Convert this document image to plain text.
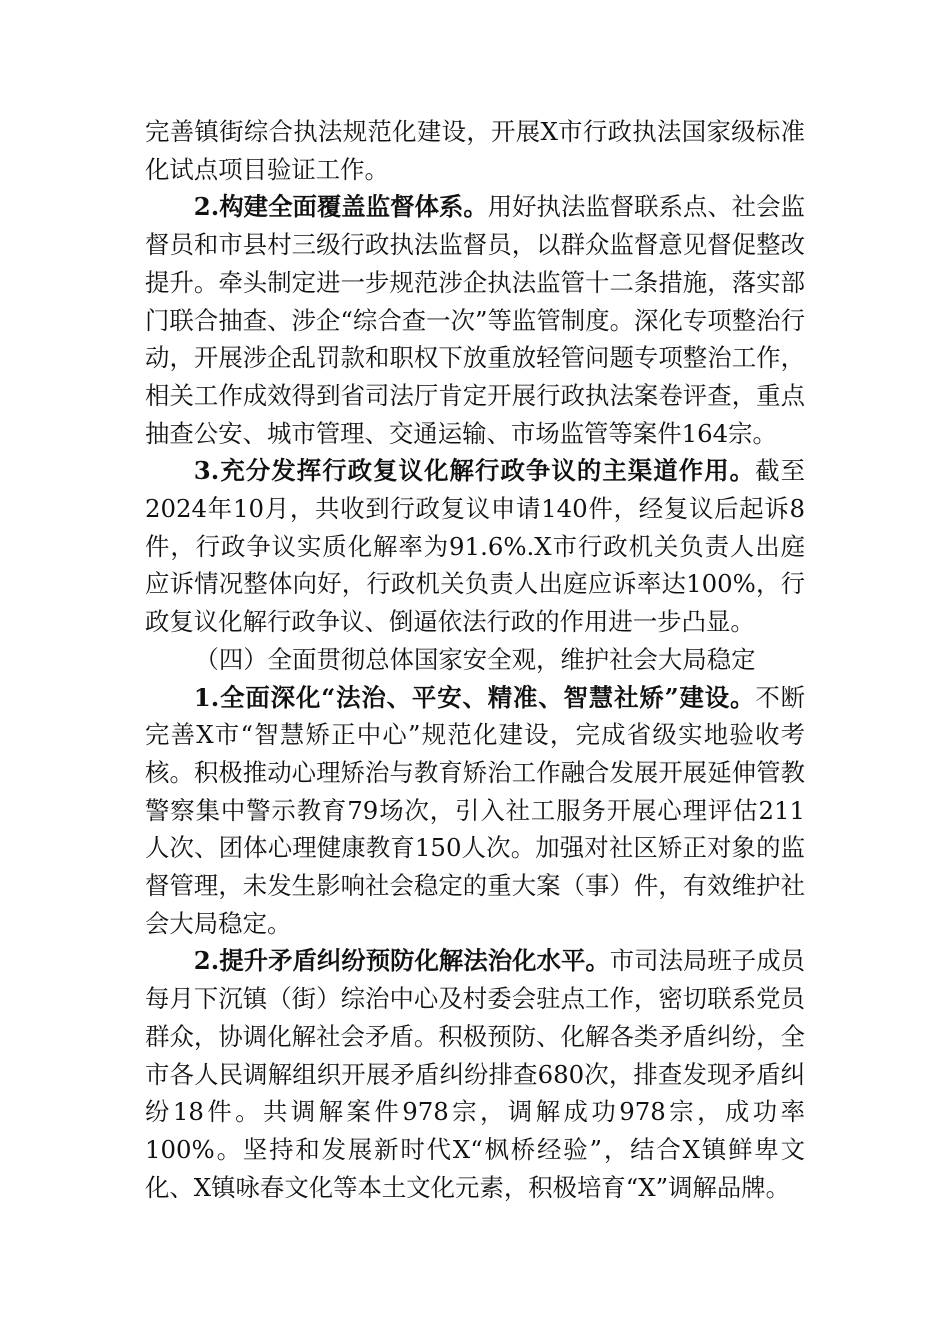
完善镇街综合执法规范化建设，开展X市行政执法国家级标准化试点项目验证工作。

2.构建全面覆盖监督体系。用好执法监督联系点、社会监督员和市县村三级行政执法监督员，以群众监督意见督促整改提升。牵头制定进一步规范涉企执法监管十二条措施，落实部门联合抽查、涉企“综合查一次”等监管制度。深化专项整治行动，开展涉企乱罚款和职权下放重放轻管问题专项整治工作，相关工作成效得到省司法厅肯定开展行政执法案卷评查，重点抽查公安、城市管理、交通运输、市场监管等案件164宗。

3.充分发挥行政复议化解行政争议的主渠道作用。截至2024年10月，共收到行政复议申请140件，经复议后起诉8件，行政争议实质化解率为91.6%.X市行政机关负责人出庭应诉情况整体向好，行政机关负责人出庭应诉率达100%，行政复议化解行政争议、倒逼依法行政的作用进一步凸显。

（四）全面贯彻总体国家安全观，维护社会大局稳定

1.全面深化“法治、平安、精准、智慧社矫”建设。不断完善X市“智慧矫正中心”规范化建设，完成省级实地验收考核。积极推动心理矫治与教育矫治工作融合发展开展延伸管教警察集中警示教育79场次，引入社工服务开展心理评估211人次、团体心理健康教育150人次。加强对社区矫正对象的监督管理，未发生影响社会稳定的重大案（事）件，有效维护社会大局稳定。

2.提升矛盾纠纷预防化解法治化水平。市司法局班子成员每月下沉镇（街）综治中心及村委会驻点工作，密切联系党员群众，协调化解社会矛盾。积极预防、化解各类矛盾纠纷，全市各人民调解组织开展矛盾纠纷排查680次，排查发现矛盾纠纷18件。共调解案件978宗，调解成功978宗，成功率100%。坚持和发展新时代X“枫桥经验”，结合X镇鲜卑文化、X镇咏春文化等本土文化元素，积极培育“X”调解品牌。
